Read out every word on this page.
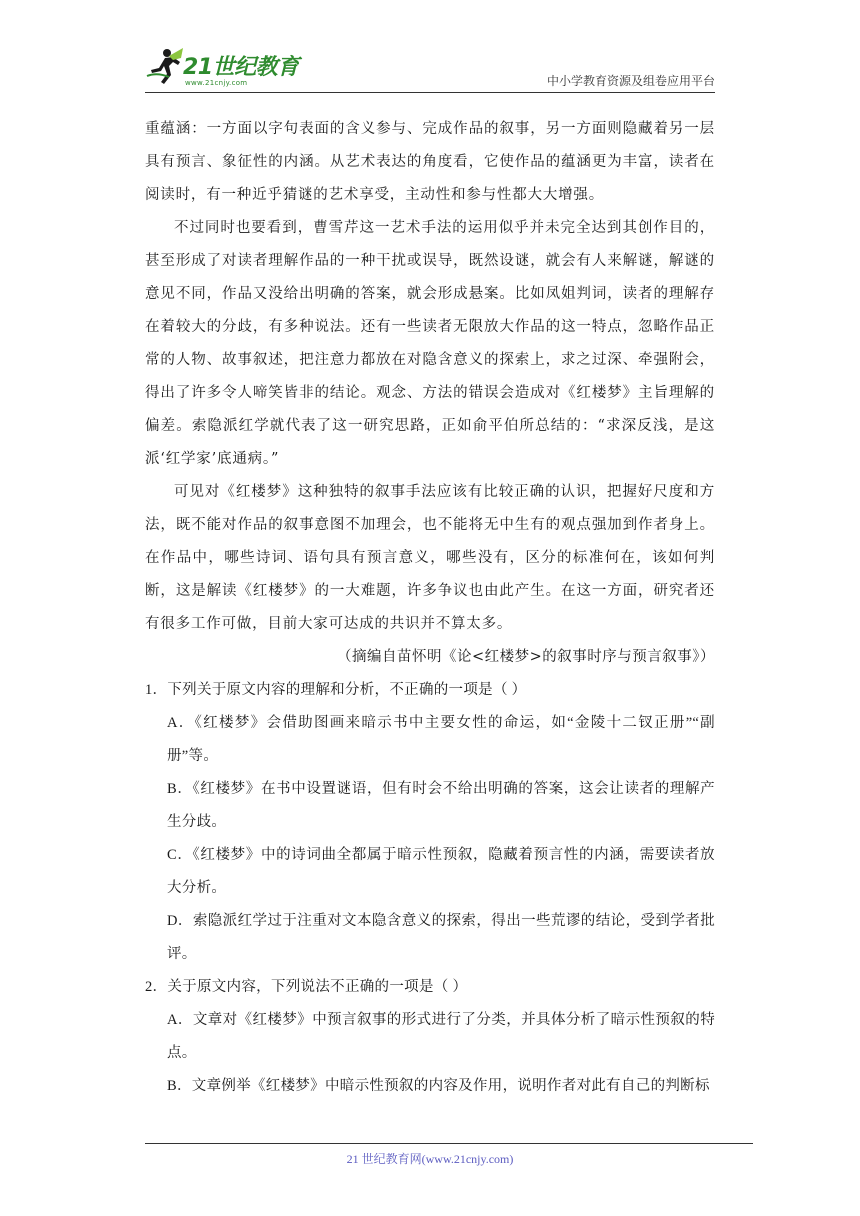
21世纪教育
www.21cnjy.com	中小学教育资源及组卷应用平台

重蕴涵：一方面以字句表面的含义参与、完成作品的叙事，另一方面则隐藏着另一层具有预言、象征性的内涵。从艺术表达的角度看，它使作品的蕴涵更为丰富，读者在阅读时，有一种近乎猜谜的艺术享受，主动性和参与性都大大增强。

不过同时也要看到，曹雪芹这一艺术手法的运用似乎并未完全达到其创作目的，甚至形成了对读者理解作品的一种干扰或误导，既然设谜，就会有人来解谜，解谜的意见不同，作品又没给出明确的答案，就会形成悬案。比如凤姐判词，读者的理解存在着较大的分歧，有多种说法。还有一些读者无限放大作品的这一特点，忽略作品正常的人物、故事叙述，把注意力都放在对隐含意义的探索上，求之过深、牵强附会，得出了许多令人啼笑皆非的结论。观念、方法的错误会造成对《红楼梦》主旨理解的偏差。索隐派红学就代表了这一研究思路，正如俞平伯所总结的：“求深反浅，是这派‘红学家’底通病。”

可见对《红楼梦》这种独特的叙事手法应该有比较正确的认识，把握好尺度和方法，既不能对作品的叙事意图不加理会，也不能将无中生有的观点强加到作者身上。在作品中，哪些诗词、语句具有预言意义，哪些没有，区分的标准何在，该如何判断，这是解读《红楼梦》的一大难题，许多争议也由此产生。在这一方面，研究者还有很多工作可做，目前大家可达成的共识并不算太多。

（摘编自苗怀明《论<红楼梦>的叙事时序与预言叙事》）

1．下列关于原文内容的理解和分析，不正确的一项是（ ）

A．《红楼梦》会借助图画来暗示书中主要女性的命运，如“金陵十二钗正册”“副册”等。

B．《红楼梦》在书中设置谜语，但有时会不给出明确的答案，这会让读者的理解产生分歧。

C．《红楼梦》中的诗词曲全都属于暗示性预叙，隐藏着预言性的内涵，需要读者放大分析。

D．索隐派红学过于注重对文本隐含意义的探索，得出一些荒谬的结论，受到学者批评。

2．关于原文内容，下列说法不正确的一项是（ ）

A．文章对《红楼梦》中预言叙事的形式进行了分类，并具体分析了暗示性预叙的特点。

B．文章例举《红楼梦》中暗示性预叙的内容及作用，说明作者对此有自己的判断标

21 世纪教育网(www.21cnjy.com)
